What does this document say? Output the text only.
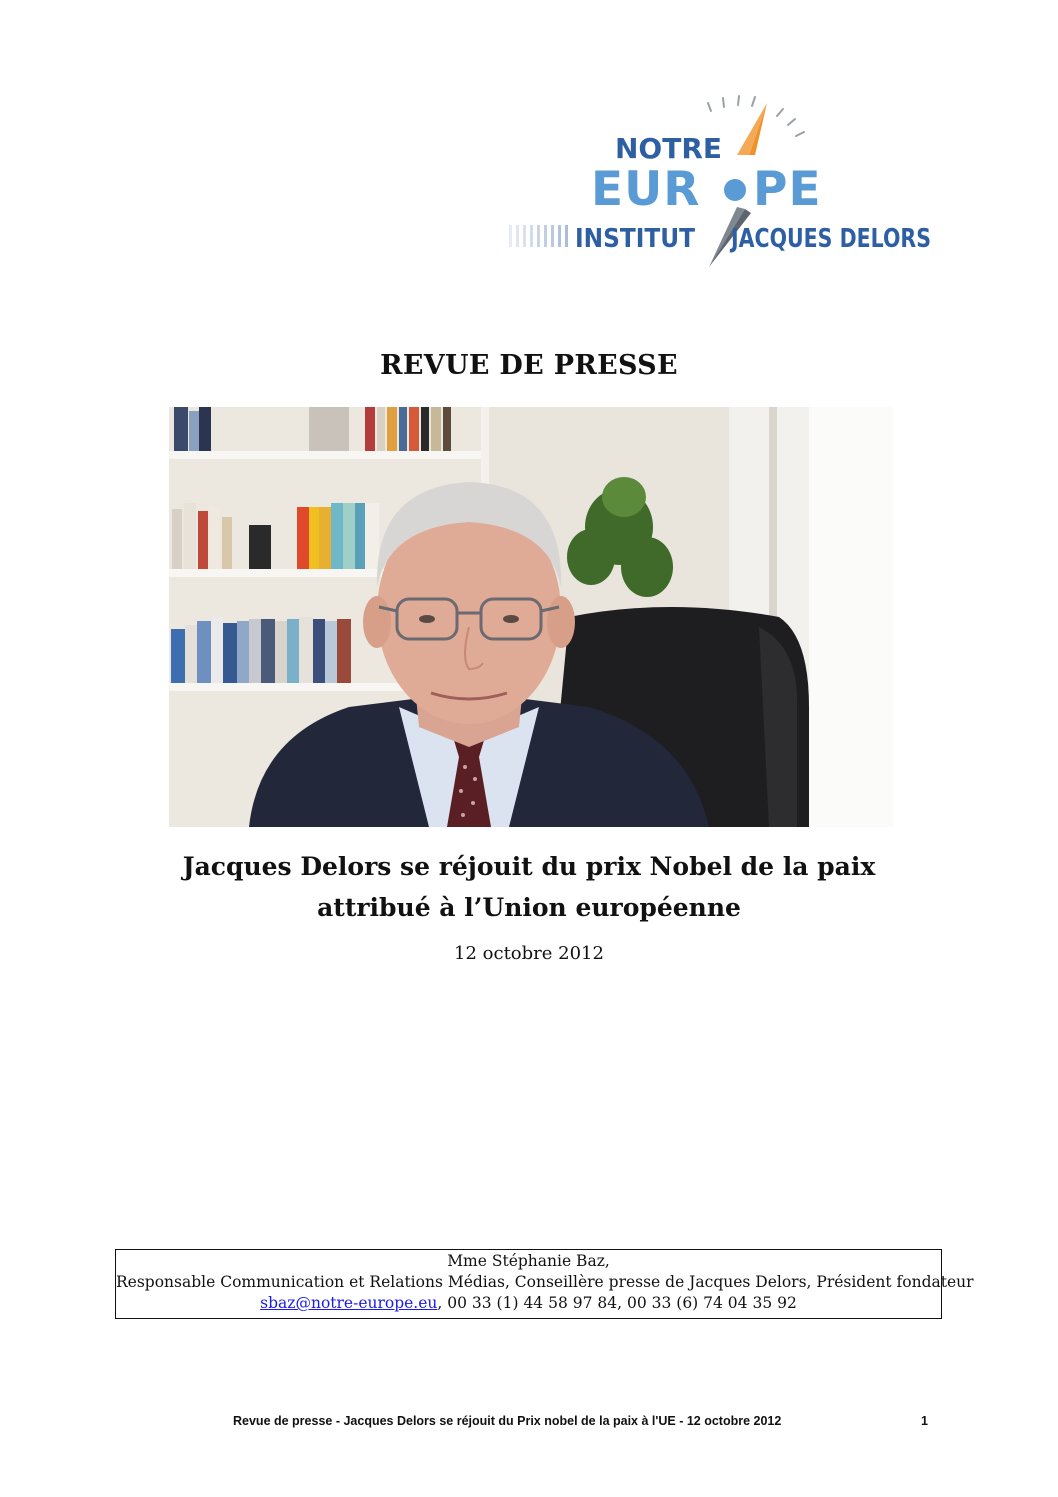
NOTRE
EUR PE
INSTITUT JACQUES DELORS
REVUE DE PRESSE
Jacques Delors se réjouit du prix Nobel de la paix
attribué à l’Union européenne
12 octobre 2012
Mme Stéphanie Baz,
Responsable Communication et Relations Médias, Conseillère presse de Jacques Delors, Président fondateur
sbaz@notre-europe.eu, 00 33 (1) 44 58 97 84, 00 33 (6) 74 04 35 92
Revue de presse - Jacques Delors se réjouit du Prix nobel de la paix à l'UE - 12 octobre 2012	1
